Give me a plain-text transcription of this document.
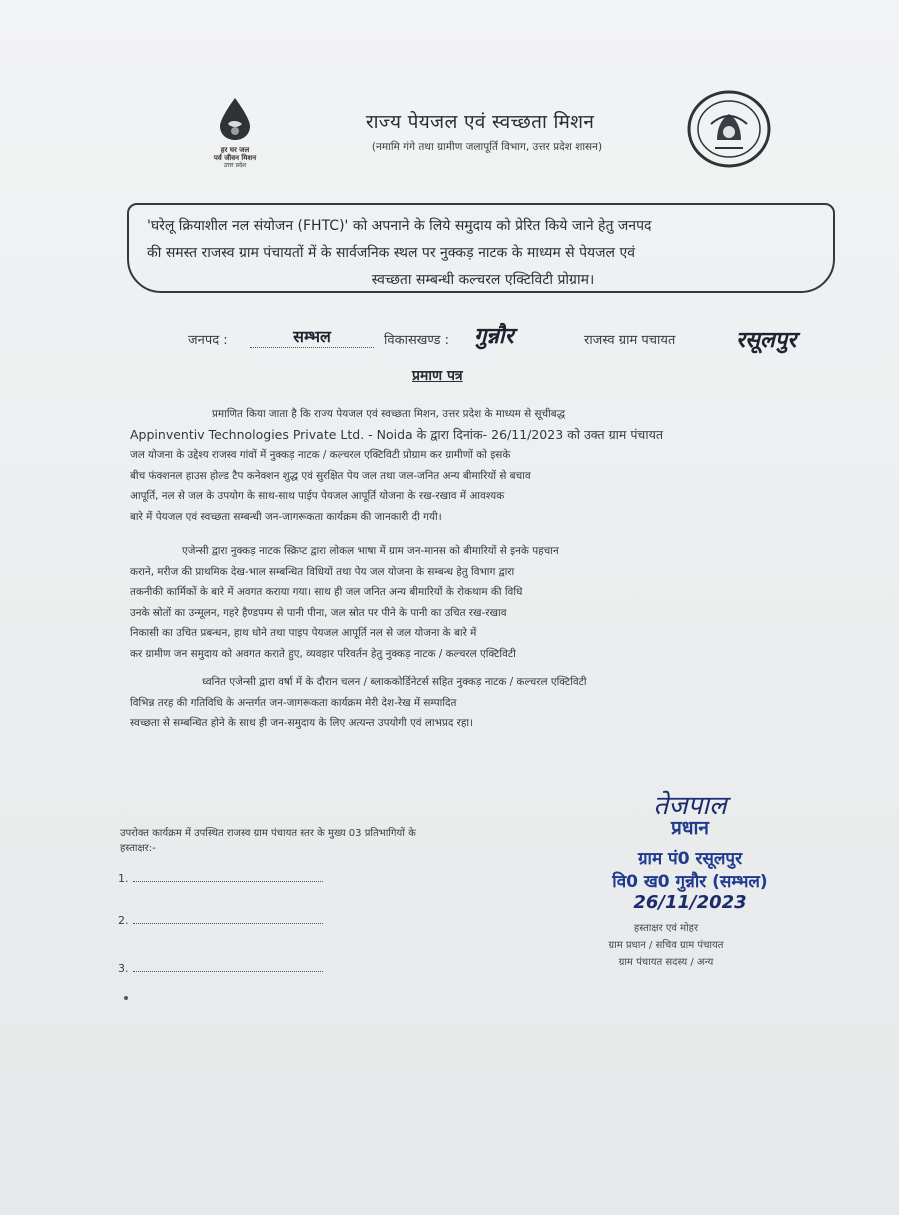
हर घर जल
पर्व जीवन मिशन
उत्तर प्रदेश
राज्य पेयजल एवं स्वच्छता मिशन
(नमामि गंगे तथा ग्रामीण जलापूर्ति विभाग, उत्तर प्रदेश शासन)
'घरेलू क्रियाशील नल संयोजन (FHTC)' को अपनाने के लिये समुदाय को प्रेरित किये जाने हेतु जनपद
की समस्त राजस्व ग्राम पंचायतों में के सार्वजनिक स्थल पर नुक्कड़ नाटक के माध्यम से पेयजल एवं
स्वच्छता सम्बन्धी कल्चरल एक्टिविटी प्रोग्राम।
जनपद :	सम्भल	विकासखण्ड : गुन्नौर	राजस्व ग्राम पचायत	रसूलपुर
प्रमाण पत्र
प्रमाणित किया जाता है कि राज्य पेयजल एवं स्वच्छता मिशन, उत्तर प्रदेश के माध्यम से सूचीबद्ध
Appinventiv Technologies Private Ltd. - Noida के द्वारा दिनांक- 26/11/2023 को उक्त ग्राम पंचायत
जल योजना के उद्देश्य राजस्व गांवों में नुक्कड़ नाटक / कल्चरल एक्टिविटी प्रोग्राम कर ग्रामीणों को इसके
बीच फंक्शनल हाउस होल्ड टैप कनेक्शन शुद्ध एवं सुरक्षित पेय जल तथा जल-जनित अन्य बीमारियों से बचाव
आपूर्ति, नल से जल के उपयोग के साथ-साथ पाईप पेयजल आपूर्ति योजना के रख-रखाव में आवश्यक
बारे में पेयजल एवं स्वच्छता सम्बन्धी जन-जागरूकता कार्यक्रम की जानकारी दी गयी।
एजेन्सी द्वारा नुक्कड़ नाटक स्क्रिप्ट द्वारा लोकल भाषा में ग्राम जन-मानस को बीमारियों से इनके पहचान
कराने, मरीज की प्राथमिक देख-भाल सम्बन्धित विधियों तथा पेय जल योजना के सम्बन्ध हेतु विभाग द्वारा
तकनीकी कार्मिकों के बारे में अवगत कराया गया। साथ ही जल जनित अन्य बीमारियों के रोकथाम की विधि
उनके स्रोतों का उन्मूलन, गहरे हैण्डपम्प से पानी पीना, जल स्रोत पर पीने के पानी का उचित रख-रखाव
निकासी का उचित प्रबन्धन, हाथ धोने तथा पाइप पेयजल आपूर्ति नल से जल योजना के बारे में
कर ग्रामीण जन समुदाय को अवगत कराते हुए, व्यवहार परिवर्तन हेतु नुक्कड़ नाटक / कल्चरल एक्टिविटी
ध्वनित एजेन्सी द्वारा वर्षा में के दौरान चलन / ब्लाककोर्डिनेटर्स सहित नुक्कड़ नाटक / कल्चरल एक्टिविटी
विभिन्न तरह की गतिविधि के अन्तर्गत जन-जागरूकता कार्यक्रम मेरी देश-रेख में सम्पादित
स्वच्छता से सम्बन्धित होने के साथ ही जन-समुदाय के लिए अत्यन्त उपयोगी एवं लाभप्रद रहा।
उपरोक्त कार्यक्रम में उपस्थित राजस्व ग्राम पंचायत स्तर के मुख्य 03 प्रतिभागियों के
हस्ताक्षर:-
1.
2.
3.
तेजपाल
प्रधान
ग्राम पं0 रसूलपुर
वि0 ख0 गुन्नौर (सम्भल)
26/11/2023
हस्ताक्षर एवं मोहर
ग्राम प्रधान / सचिव ग्राम पंचायत
ग्राम पंचायत सदस्य / अन्य
